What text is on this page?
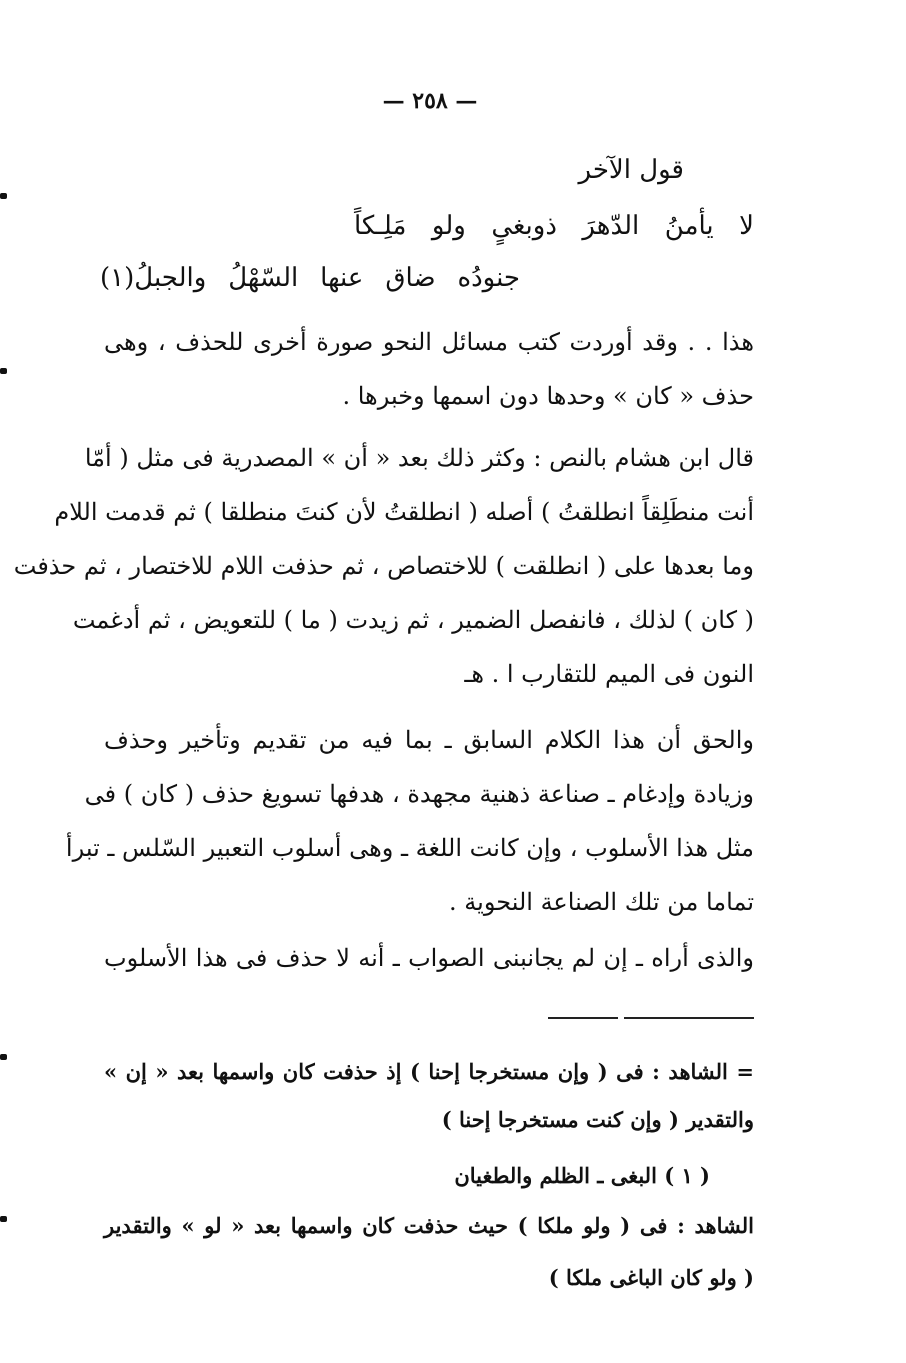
— ٢٥٨ —
قول الآخر
لا يأمنُ الدّهرَ ذوبغىٍ ولو مَلِـكاً
جنودُه ضاق عنها السّهْلُ والجبلُ(١)
هذا . . وقد أوردت كتب مسائل النحو صورة أخرى للحذف ، وهى
حذف « كان » وحدها دون اسمها وخبرها .
قال ابن هشام بالنص : وكثر ذلك بعد « أن » المصدرية فى مثل ( أمّا
أنت منطَلِقاً انطلقتُ ) أصله ( انطلقتُ لأن كنتَ منطلقا ) ثم قدمت اللام
وما بعدها على ( انطلقت ) للاختصاص ، ثم حذفت اللام للاختصار ، ثم حذفت
( كان ) لذلك ، فانفصل الضمير ، ثم زيدت ( ما ) للتعويض ، ثم أدغمت
النون فى الميم للتقارب ا . هـ
والحق أن هذا الكلام السابق ـ بما فيه من تقديم وتأخير وحذف
وزيادة وإدغام ـ صناعة ذهنية مجهدة ، هدفها تسويغ حذف ( كان ) فى
مثل هذا الأسلوب ، وإن كانت اللغة ـ وهى أسلوب التعبير السّلس ـ تبرأ
تماما من تلك الصناعة النحوية .
والذى أراه ـ إن لم يجانبنى الصواب ـ أنه لا حذف فى هذا الأسلوب
= الشاهد : فى ( وإن مستخرجا إحنا ) إذ حذفت كان واسمها بعد « إن »
والتقدير ( وإن كنت مستخرجا إحنا )
( ١ ) البغى ـ الظلم والطغيان
الشاهد : فى ( ولو ملكا ) حيث حذفت كان واسمها بعد « لو » والتقدير
( ولو كان الباغى ملكا )
